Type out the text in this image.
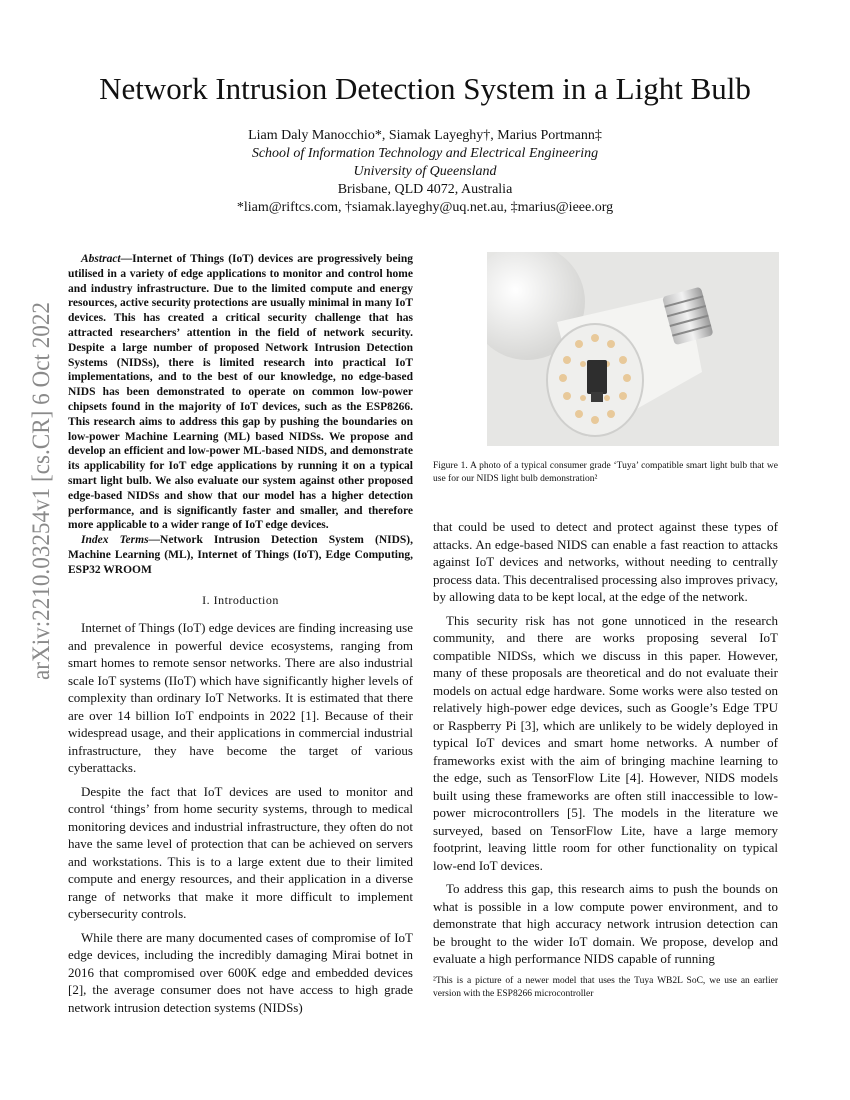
arXiv:2210.03254v1 [cs.CR] 6 Oct 2022
Network Intrusion Detection System in a Light Bulb
Liam Daly Manocchio*, Siamak Layeghy†, Marius Portmann‡
School of Information Technology and Electrical Engineering
University of Queensland
Brisbane, QLD 4072, Australia
*liam@riftcs.com, †siamak.layeghy@uq.net.au, ‡marius@ieee.org

Abstract—Internet of Things (IoT) devices are progressively being utilised in a variety of edge applications to monitor and control home and industry infrastructure. Due to the limited compute and energy resources, active security protections are usually minimal in many IoT devices. This has created a critical security challenge that has attracted researchers’ attention in the field of network security. Despite a large number of proposed Network Intrusion Detection Systems (NIDSs), there is limited research into practical IoT implementations, and to the best of our knowledge, no edge-based NIDS has been demonstrated to operate on common low-power chipsets found in the majority of IoT devices, such as the ESP8266. This research aims to address this gap by pushing the boundaries on low-power Machine Learning (ML) based NIDSs. We propose and develop an efficient and low-power ML-based NIDS, and demonstrate its applicability for IoT edge applications by running it on a typical smart light bulb. We also evaluate our system against other proposed edge-based NIDSs and show that our model has a higher detection performance, and is significantly faster and smaller, and therefore more applicable to a wider range of IoT edge devices.

Index Terms—Network Intrusion Detection System (NIDS), Machine Learning (ML), Internet of Things (IoT), Edge Computing, ESP32 WROOM

I. Introduction

Internet of Things (IoT) edge devices are finding increasing use and prevalence in powerful device ecosystems, ranging from smart homes to remote sensor networks. There are also industrial scale IoT systems (IIoT) which have significantly higher levels of complexity than ordinary IoT Networks. It is estimated that there are over 14 billion IoT endpoints in 2022 [1]. Because of their widespread usage, and their applications in commercial industrial infrastructure, they have become the target of various cyberattacks.

Despite the fact that IoT devices are used to monitor and control ‘things’ from home security systems, through to medical monitoring devices and industrial infrastructure, they often do not have the same level of protection that can be achieved on servers and workstations. This is to a large extent due to their limited compute and energy resources, and their application in a diverse range of networks that make it more difficult to implement cybersecurity controls.

While there are many documented cases of compromise of IoT edge devices, including the incredibly damaging Mirai botnet in 2016 that compromised over 600K edge and embedded devices [2], the average consumer does not have access to high grade network intrusion detection systems (NIDSs)

Figure 1. A photo of a typical consumer grade ‘Tuya’ compatible smart light bulb that we use for our NIDS light bulb demonstration²

that could be used to detect and protect against these types of attacks. An edge-based NIDS can enable a fast reaction to attacks against IoT devices and networks, without needing to centrally process data. This decentralised processing also improves privacy, by allowing data to be kept local, at the edge of the network.

This security risk has not gone unnoticed in the research community, and there are works proposing several IoT compatible NIDSs, which we discuss in this paper. However, many of these proposals are theoretical and do not evaluate their models on actual edge hardware. Some works were also tested on relatively high-power edge devices, such as Google’s Edge TPU or Raspberry Pi [3], which are unlikely to be widely deployed in typical IoT devices and smart home networks. A number of frameworks exist with the aim of bringing machine learning to the edge, such as TensorFlow Lite [4]. However, NIDS models built using these frameworks are often still inaccessible to low-power microcontrollers [5]. The models in the literature we surveyed, based on TensorFlow Lite, have a large memory footprint, leaving little room for other functionality on typical low-end IoT devices.

To address this gap, this research aims to push the bounds on what is possible in a low compute power environment, and to demonstrate that high accuracy network intrusion detection can be brought to the wider IoT domain. We propose, develop and evaluate a high performance NIDS capable of running

²This is a picture of a newer model that uses the Tuya WB2L SoC, we use an earlier version with the ESP8266 microcontroller
